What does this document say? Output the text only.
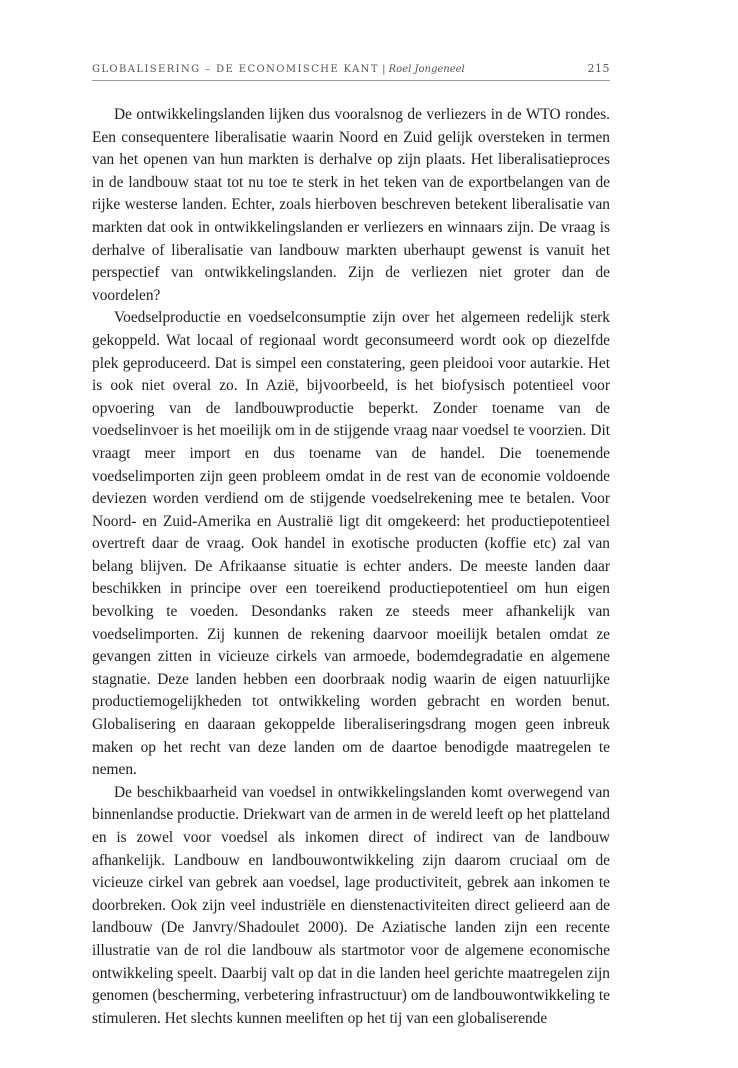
GLOBALISERING – DE ECONOMISCHE KANT | Roel Jongeneel	215

De ontwikkelingslanden lijken dus vooralsnog de verliezers in de WTO rondes. Een consequentere liberalisatie waarin Noord en Zuid gelijk oversteken in termen van het openen van hun markten is derhalve op zijn plaats. Het liberalisatieproces in de landbouw staat tot nu toe te sterk in het teken van de exportbelangen van de rijke westerse landen. Echter, zoals hierboven beschreven betekent liberalisatie van markten dat ook in ontwikkelingslanden er verliezers en winnaars zijn. De vraag is derhalve of liberalisatie van landbouw markten uberhaupt gewenst is vanuit het perspectief van ontwikkelingslanden. Zijn de verliezen niet groter dan de voordelen?

Voedselproductie en voedselconsumptie zijn over het algemeen redelijk sterk gekoppeld. Wat locaal of regionaal wordt geconsumeerd wordt ook op diezelfde plek geproduceerd. Dat is simpel een constatering, geen pleidooi voor autarkie. Het is ook niet overal zo. In Azië, bijvoorbeeld, is het biofysisch potentieel voor opvoering van de landbouwproductie beperkt. Zonder toename van de voedselinvoer is het moeilijk om in de stijgende vraag naar voedsel te voorzien. Dit vraagt meer import en dus toename van de handel. Die toenemende voedselimporten zijn geen probleem omdat in de rest van de economie voldoende deviezen worden verdiend om de stijgende voedselrekening mee te betalen. Voor Noord- en Zuid-Amerika en Australië ligt dit omgekeerd: het productiepotentieel overtreft daar de vraag. Ook handel in exotische producten (koffie etc) zal van belang blijven. De Afrikaanse situatie is echter anders. De meeste landen daar beschikken in principe over een toereikend productiepotentieel om hun eigen bevolking te voeden. Desondanks raken ze steeds meer afhankelijk van voedselimporten. Zij kunnen de rekening daarvoor moeilijk betalen omdat ze gevangen zitten in vicieuze cirkels van armoede, bodemdegradatie en algemene stagnatie. Deze landen hebben een doorbraak nodig waarin de eigen natuurlijke productiemogelijkheden tot ontwikkeling worden gebracht en worden benut. Globalisering en daaraan gekoppelde liberaliseringsdrang mogen geen inbreuk maken op het recht van deze landen om de daartoe benodigde maatregelen te nemen.

De beschikbaarheid van voedsel in ontwikkelingslanden komt overwegend van binnenlandse productie. Driekwart van de armen in de wereld leeft op het platteland en is zowel voor voedsel als inkomen direct of indirect van de landbouw afhankelijk. Landbouw en landbouwontwikkeling zijn daarom cruciaal om de vicieuze cirkel van gebrek aan voedsel, lage productiviteit, gebrek aan inkomen te doorbreken. Ook zijn veel industriële en dienstenactiviteiten direct gelieerd aan de landbouw (De Janvry/Shadoulet 2000). De Aziatische landen zijn een recente illustratie van de rol die landbouw als startmotor voor de algemene economische ontwikkeling speelt. Daarbij valt op dat in die landen heel gerichte maatregelen zijn genomen (bescherming, verbetering infrastructuur) om de landbouwontwikkeling te stimuleren. Het slechts kunnen meeliften op het tij van een globaliserende
